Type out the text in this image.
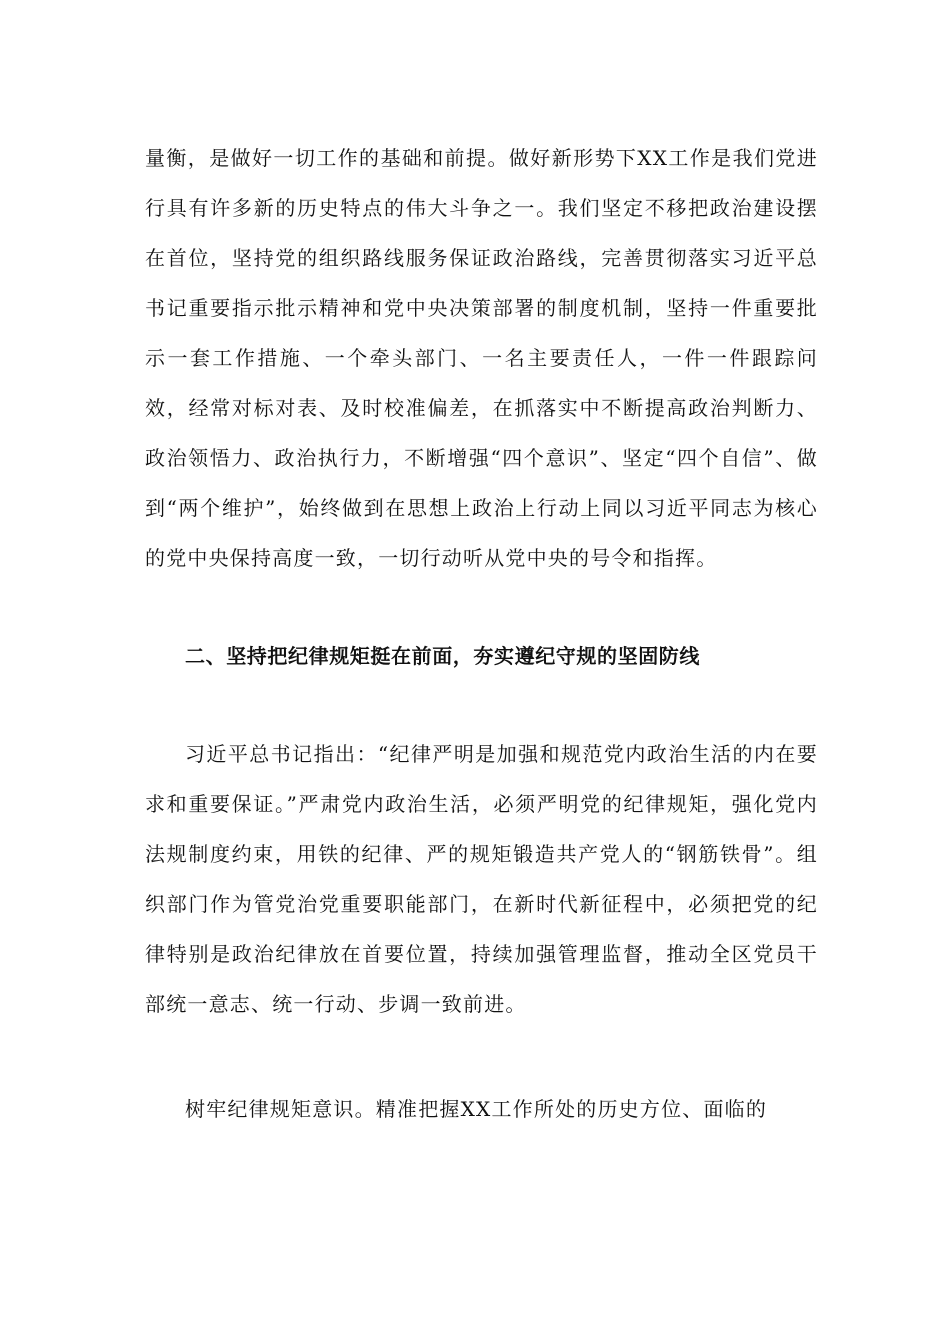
量衡，是做好一切工作的基础和前提。做好新形势下XX工作是我们党进行具有许多新的历史特点的伟大斗争之一。我们坚定不移把政治建设摆在首位，坚持党的组织路线服务保证政治路线，完善贯彻落实习近平总书记重要指示批示精神和党中央决策部署的制度机制，坚持一件重要批示一套工作措施、一个牵头部门、一名主要责任人，一件一件跟踪问效，经常对标对表、及时校准偏差，在抓落实中不断提高政治判断力、政治领悟力、政治执行力，不断增强“四个意识”、坚定“四个自信”、做到“两个维护”，始终做到在思想上政治上行动上同以习近平同志为核心的党中央保持高度一致，一切行动听从党中央的号令和指挥。

二、坚持把纪律规矩挺在前面，夯实遵纪守规的坚固防线

习近平总书记指出：“纪律严明是加强和规范党内政治生活的内在要求和重要保证。”严肃党内政治生活，必须严明党的纪律规矩，强化党内法规制度约束，用铁的纪律、严的规矩锻造共产党人的“钢筋铁骨”。组织部门作为管党治党重要职能部门，在新时代新征程中，必须把党的纪律特别是政治纪律放在首要位置，持续加强管理监督，推动全区党员干部统一意志、统一行动、步调一致前进。

树牢纪律规矩意识。精准把握XX工作所处的历史方位、面临的
